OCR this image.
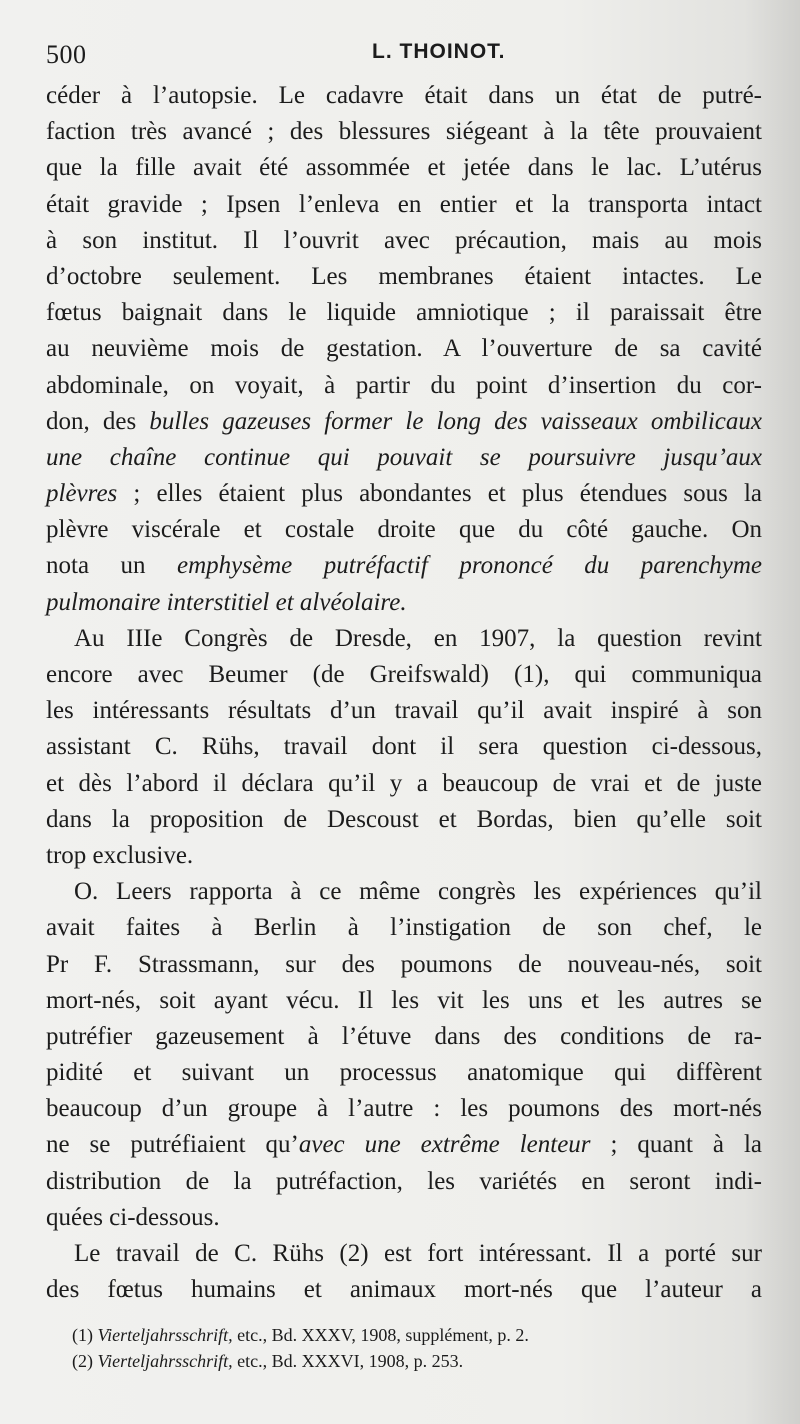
500	L. THOINOT.
céder à l’autopsie. Le cadavre était dans un état de putré-
faction très avancé ; des blessures siégeant à la tête prouvaient
que la fille avait été assommée et jetée dans le lac. L’utérus
était gravide ; Ipsen l’enleva en entier et la transporta intact
à son institut. Il l’ouvrit avec précaution, mais au mois
d’octobre seulement. Les membranes étaient intactes. Le
fœtus baignait dans le liquide amniotique ; il paraissait être
au neuvième mois de gestation. A l’ouverture de sa cavité
abdominale, on voyait, à partir du point d’insertion du cor-
don, des bulles gazeuses former le long des vaisseaux ombilicaux
une chaîne continue qui pouvait se poursuivre jusqu’aux
plèvres ; elles étaient plus abondantes et plus étendues sous la
plèvre viscérale et costale droite que du côté gauche. On
nota un emphysème putréfactif prononcé du parenchyme
pulmonaire interstitiel et alvéolaire.
Au IIIe Congrès de Dresde, en 1907, la question revint
encore avec Beumer (de Greifswald) (1), qui communiqua
les intéressants résultats d’un travail qu’il avait inspiré à son
assistant C. Rühs, travail dont il sera question ci-dessous,
et dès l’abord il déclara qu’il y a beaucoup de vrai et de juste
dans la proposition de Descoust et Bordas, bien qu’elle soit
trop exclusive.
O. Leers rapporta à ce même congrès les expériences qu’il
avait faites à Berlin à l’instigation de son chef, le
Pr F. Strassmann, sur des poumons de nouveau-nés, soit
mort-nés, soit ayant vécu. Il les vit les uns et les autres se
putréfier gazeusement à l’étuve dans des conditions de ra-
pidité et suivant un processus anatomique qui diffèrent
beaucoup d’un groupe à l’autre : les poumons des mort-nés
ne se putréfiaient qu’avec une extrême lenteur ; quant à la
distribution de la putréfaction, les variétés en seront indi-
quées ci-dessous.
Le travail de C. Rühs (2) est fort intéressant. Il a porté sur
des fœtus humains et animaux mort-nés que l’auteur a
(1) Vierteljahrsschrift, etc., Bd. XXXV, 1908, supplément, p. 2.
(2) Vierteljahrsschrift, etc., Bd. XXXVI, 1908, p. 253.
